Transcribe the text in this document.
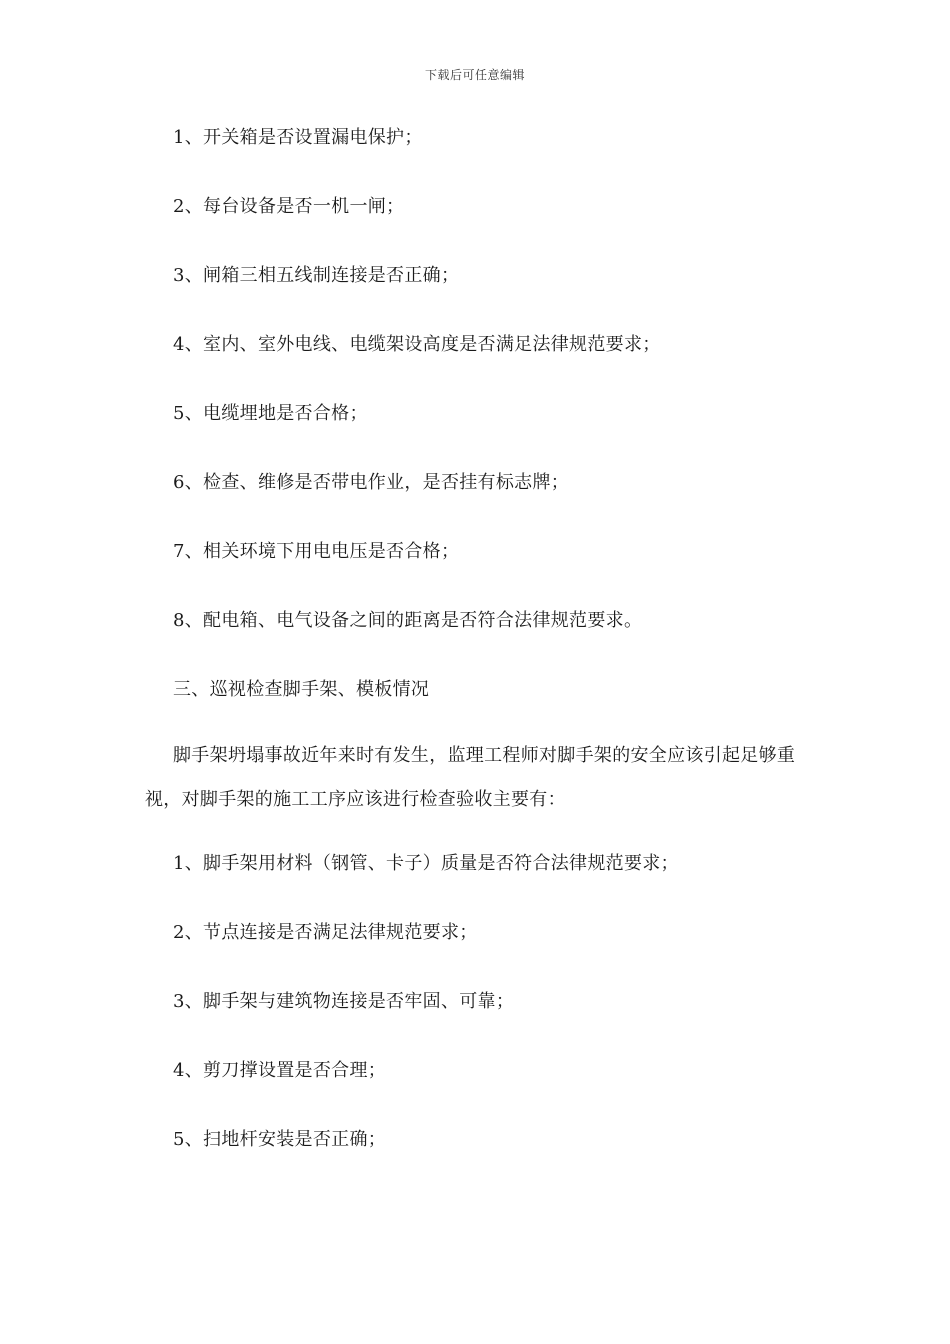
下载后可任意编辑
1、开关箱是否设置漏电保护；
2、每台设备是否一机一闸；
3、闸箱三相五线制连接是否正确；
4、室内、室外电线、电缆架设高度是否满足法律规范要求；
5、电缆埋地是否合格；
6、检查、维修是否带电作业，是否挂有标志牌；
7、相关环境下用电电压是否合格；
8、配电箱、电气设备之间的距离是否符合法律规范要求。
三、巡视检查脚手架、模板情况
脚手架坍塌事故近年来时有发生，监理工程师对脚手架的安全应该引起足够重视，对脚手架的施工工序应该进行检查验收主要有：
1、脚手架用材料（钢管、卡子）质量是否符合法律规范要求；
2、节点连接是否满足法律规范要求；
3、脚手架与建筑物连接是否牢固、可靠；
4、剪刀撑设置是否合理；
5、扫地杆安装是否正确；
